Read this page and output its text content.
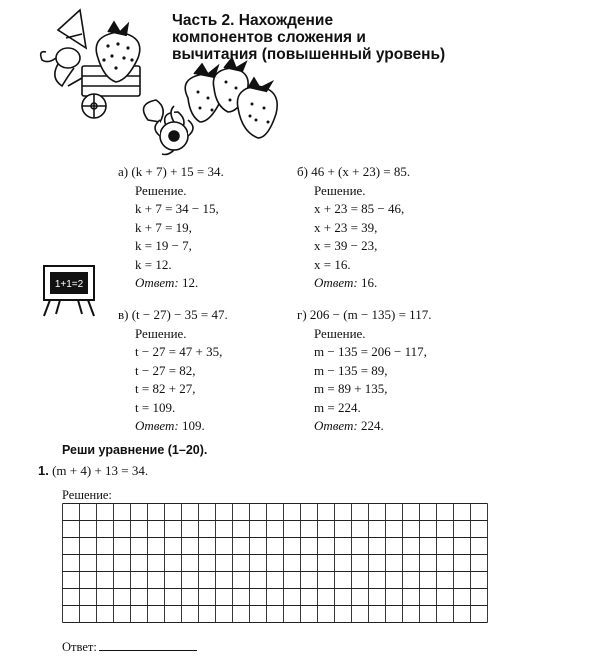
Часть 2. Нахождение
компонентов сложения и
вычитания (повышенный уровень)
1+1=2
а) (k + 7) + 15 = 34.
Решение.
k + 7 = 34 − 15,
k + 7 = 19,
k = 19 − 7,
k = 12.
Ответ: 12.
б) 46 + (x + 23) = 85.
Решение.
x + 23 = 85 − 46,
x + 23 = 39,
x = 39 − 23,
x = 16.
Ответ: 16.
в) (t − 27) − 35 = 47.
Решение.
t − 27 = 47 + 35,
t − 27 = 82,
t = 82 + 27,
t = 109.
Ответ: 109.
г) 206 − (m − 135) = 117.
Решение.
m − 135 = 206 − 117,
m − 135 = 89,
m = 89 + 135,
m = 224.
Ответ: 224.
Реши уравнение (1–20).
1. (m + 4) + 13 = 34.
Решение:
Ответ:
